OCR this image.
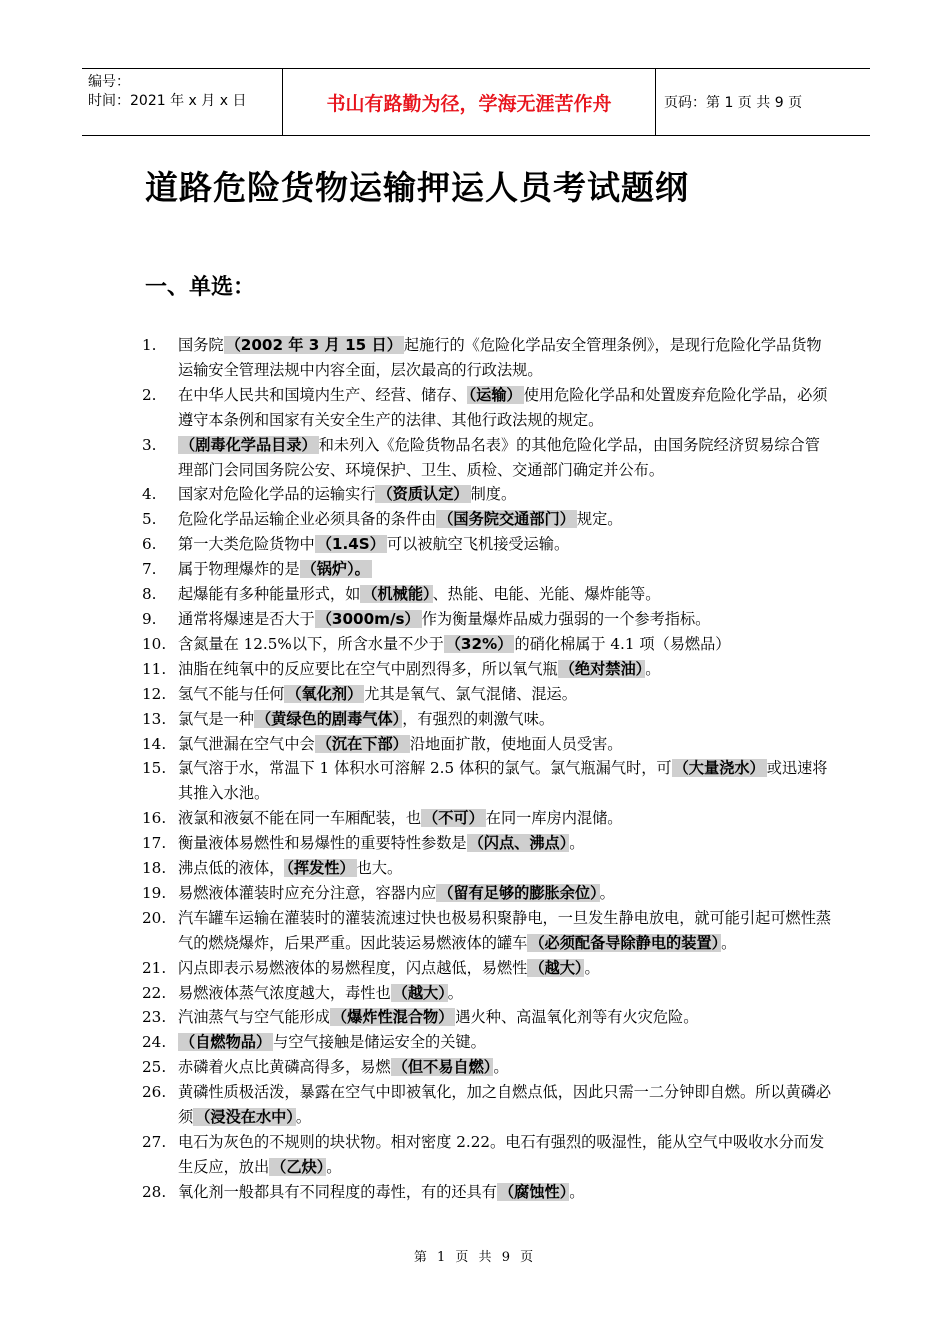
编号：
时间：2021 年 x 月 x 日	书山有路勤为径，学海无涯苦作舟	页码：第 1 页 共 9 页
道路危险货物运输押运人员考试题纲
一、单选：
1.	国务院 （2002 年 3 月 15 日） 起施行的《危险化学品安全管理条例》，是现行危险化学品货物运输安全管理法规中内容全面，层次最高的行政法规。
2.	在中华人民共和国境内生产、经营、储存、 （运输） 使用危险化学品和处置废弃危险化学品，必须遵守本条例和国家有关安全生产的法律、其他行政法规的规定。
3.	（剧毒化学品目录） 和未列入《危险货物品名表》的其他危险化学品，由国务院经济贸易综合管理部门会同国务院公安、环境保护、卫生、质检、交通部门确定并公布。
4.	国家对危险化学品的运输实行 （资质认定） 制度。
5.	危险化学品运输企业必须具备的条件由 （国务院交通部门） 规定。
6.	第一大类危险货物中 （1.4S） 可以被航空飞机接受运输。
7.	属于物理爆炸的是 （锅炉）。
8.	起爆能有多种能量形式，如 （机械能） 、热能、电能、光能、爆炸能等。
9.	通常将爆速是否大于 （3000m/s） 作为衡量爆炸品威力强弱的一个参考指标。
10. 含氮量在 12.5%以下，所含水量不少于 （32%） 的硝化棉属于 4.1 项（易燃品）
11. 油脂在纯氧中的反应要比在空气中剧烈得多，所以氧气瓶 （绝对禁油） 。
12. 氢气不能与任何 （氧化剂） 尤其是氧气、氯气混储、混运。
13. 氯气是一种 （黄绿色的剧毒气体） ，有强烈的刺激气味。
14. 氯气泄漏在空气中会 （沉在下部） 沿地面扩散，使地面人员受害。
15. 氯气溶于水，常温下 1 体积水可溶解 2.5 体积的氯气。氯气瓶漏气时，可 （大量浇水） 或迅速将其推入水池。
16. 液氯和液氨不能在同一车厢配装，也 （不可） 在同一库房内混储。
17. 衡量液体易燃性和易爆性的重要特性参数是 （闪点、沸点） 。
18. 沸点低的液体， （挥发性） 也大。
19. 易燃液体灌装时应充分注意，容器内应 （留有足够的膨胀余位） 。
20. 汽车罐车运输在灌装时的灌装流速过快也极易积聚静电，一旦发生静电放电，就可能引起可燃性蒸气的燃烧爆炸，后果严重。因此装运易燃液体的罐车 （必须配备导除静电的装置） 。
21. 闪点即表示易燃液体的易燃程度，闪点越低，易燃性 （越大） 。
22. 易燃液体蒸气浓度越大，毒性也 （越大） 。
23. 汽油蒸气与空气能形成 （爆炸性混合物） 遇火种、高温氧化剂等有火灾危险。
24. （自燃物品） 与空气接触是储运安全的关键。
25. 赤磷着火点比黄磷高得多，易燃 （但不易自燃） 。
26. 黄磷性质极活泼，暴露在空气中即被氧化，加之自燃点低，因此只需一二分钟即自燃。所以黄磷必须 （浸没在水中） 。
27. 电石为灰色的不规则的块状物。相对密度 2.22。电石有强烈的吸湿性，能从空气中吸收水分而发生反应，放出 （乙炔） 。
28. 氧化剂一般都具有不同程度的毒性，有的还具有 （腐蚀性） 。
第 1 页 共 9 页
